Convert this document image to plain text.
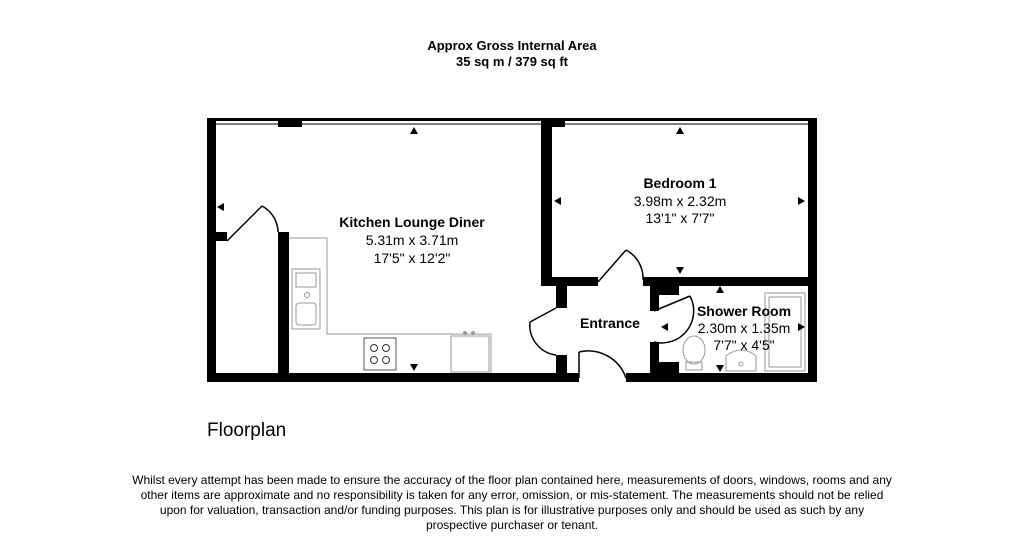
Approx Gross Internal Area
35 sq m / 379 sq ft
Kitchen Lounge Diner
5.31m x 3.71m
17'5" x 12'2"
Bedroom 1
3.98m x 2.32m
13'1" x 7'7"
Entrance
Shower Room
2.30m x 1.35m
7'7" x 4'5"
Floorplan
Whilst every attempt has been made to ensure the accuracy of the floor plan contained here, measurements of doors, windows, rooms and any other items are approximate and no responsibility is taken for any error, omission, or mis-statement. The measurements should not be relied upon for valuation, transaction and/or funding purposes. This plan is for illustrative purposes only and should be used as such by any prospective purchaser or tenant.
